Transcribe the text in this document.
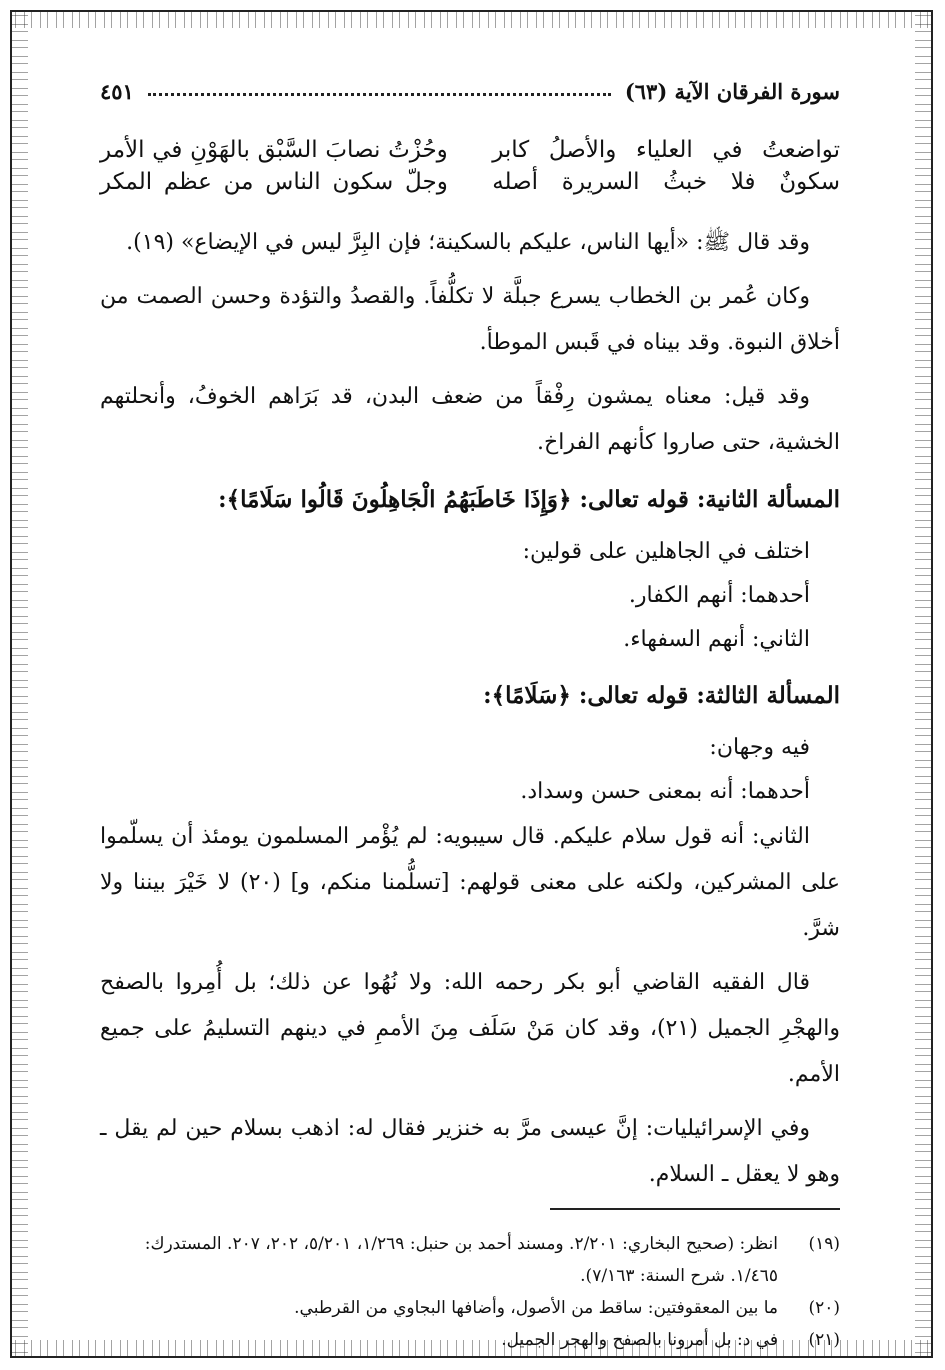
سورة الفرقان الآية (٦٣)
٤٥١
تواضعتُ في العلياء والأصلُ كابر
وحُزْتُ نصابَ السَّبْق بالهَوْنِ في الأمر
سكونٌ فلا خبثُ السريرة أصله
وجلّ سكون الناس من عظم المكر

وقد قال ﷺ: «أيها الناس، عليكم بالسكينة؛ فإن البِرَّ ليس في الإيضاع» (١٩).

وكان عُمر بن الخطاب يسرع جبلَّة لا تكلُّفاً. والقصدُ والتؤدة وحسن الصمت من أخلاق النبوة. وقد بيناه في قَبس الموطأ.

وقد قيل: معناه يمشون رِفْقاً من ضعف البدن، قد بَرَاهم الخوفُ، وأنحلتهم الخشية، حتى صاروا كأنهم الفراخ.

المسألة الثانية: قوله تعالى: ﴿وَإِذَا خَاطَبَهُمُ الْجَاهِلُونَ قَالُوا سَلَامًا﴾:
اختلف في الجاهلين على قولين:
أحدهما: أنهم الكفار.
الثاني: أنهم السفهاء.
المسألة الثالثة: قوله تعالى: ﴿سَلَامًا﴾:
فيه وجهان:
أحدهما: أنه بمعنى حسن وسداد.

الثاني: أنه قول سلام عليكم. قال سيبويه: لم يُؤْمر المسلمون يومئذ أن يسلّموا على المشركين، ولكنه على معنى قولهم: [تسلُّمنا منكم، و] (٢٠) لا خَيْرَ بيننا ولا شرَّ.

قال الفقيه القاضي أبو بكر رحمه الله: ولا نُهُوا عن ذلك؛ بل أُمِروا بالصفح والهجْرِ الجميل (٢١)، وقد كان مَنْ سَلَف مِنَ الأممِ في دينهم التسليمُ على جميع الأمم.

وفي الإسرائيليات: إنَّ عيسى مرَّ به خنزير فقال له: اذهب بسلام حين لم يقل ـ وهو لا يعقل ـ السلام.

(١٩)
انظر: (صحيح البخاري: ٢/٢٠١. ومسند أحمد بن حنبل: ١/٢٦٩، ٥/٢٠١، ٢٠٢، ٢٠٧. المستدرك: ١/٤٦٥. شرح السنة: ٧/١٦٣).
(٢٠)
ما بين المعقوفتين: ساقط من الأصول، وأضافها البجاوي من القرطبي.
(٢١)
في د: بل أمرونا بالصفح والهجر الجميل.
